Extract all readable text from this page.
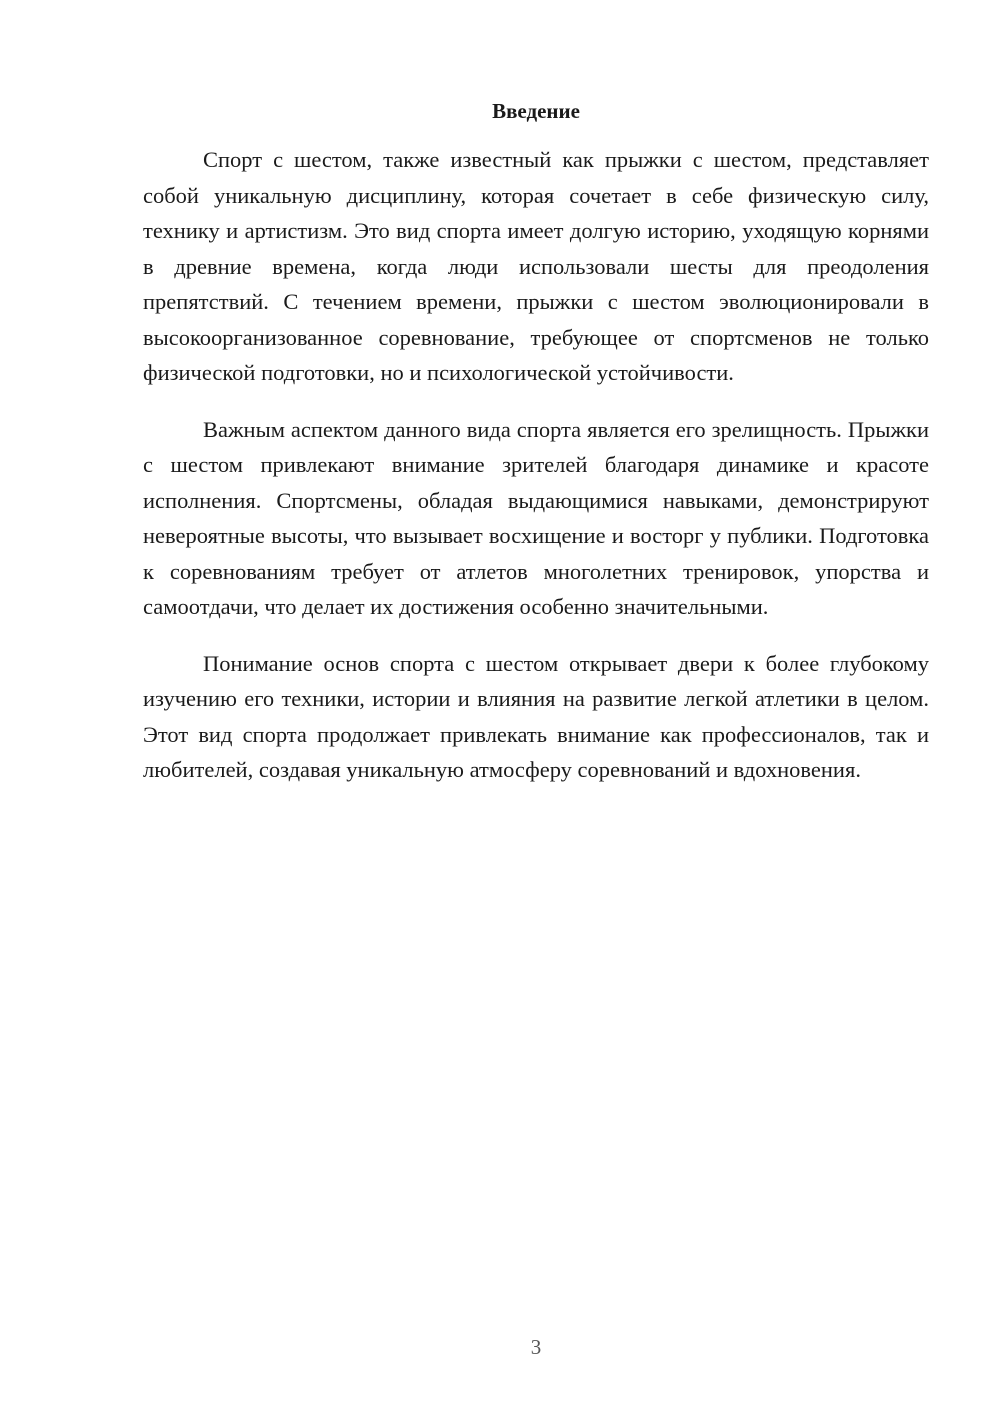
Введение

Спорт с шестом, также известный как прыжки с шестом, представляет собой уникальную дисциплину, которая сочетает в себе физическую силу, технику и артистизм. Это вид спорта имеет долгую историю, уходящую корнями в древние времена, когда люди использовали шесты для преодоления препятствий. С течением времени, прыжки с шестом эволюционировали в высокоорганизованное соревнование, требующее от спортсменов не только физической подготовки, но и психологической устойчивости.

Важным аспектом данного вида спорта является его зрелищность. Прыжки с шестом привлекают внимание зрителей благодаря динамике и красоте исполнения. Спортсмены, обладая выдающимися навыками, демонстрируют невероятные высоты, что вызывает восхищение и восторг у публики. Подготовка к соревнованиям требует от атлетов многолетних тренировок, упорства и самоотдачи, что делает их достижения особенно значительными.

Понимание основ спорта с шестом открывает двери к более глубокому изучению его техники, истории и влияния на развитие легкой атлетики в целом. Этот вид спорта продолжает привлекать внимание как профессионалов, так и любителей, создавая уникальную атмосферу соревнований и вдохновения.

3
